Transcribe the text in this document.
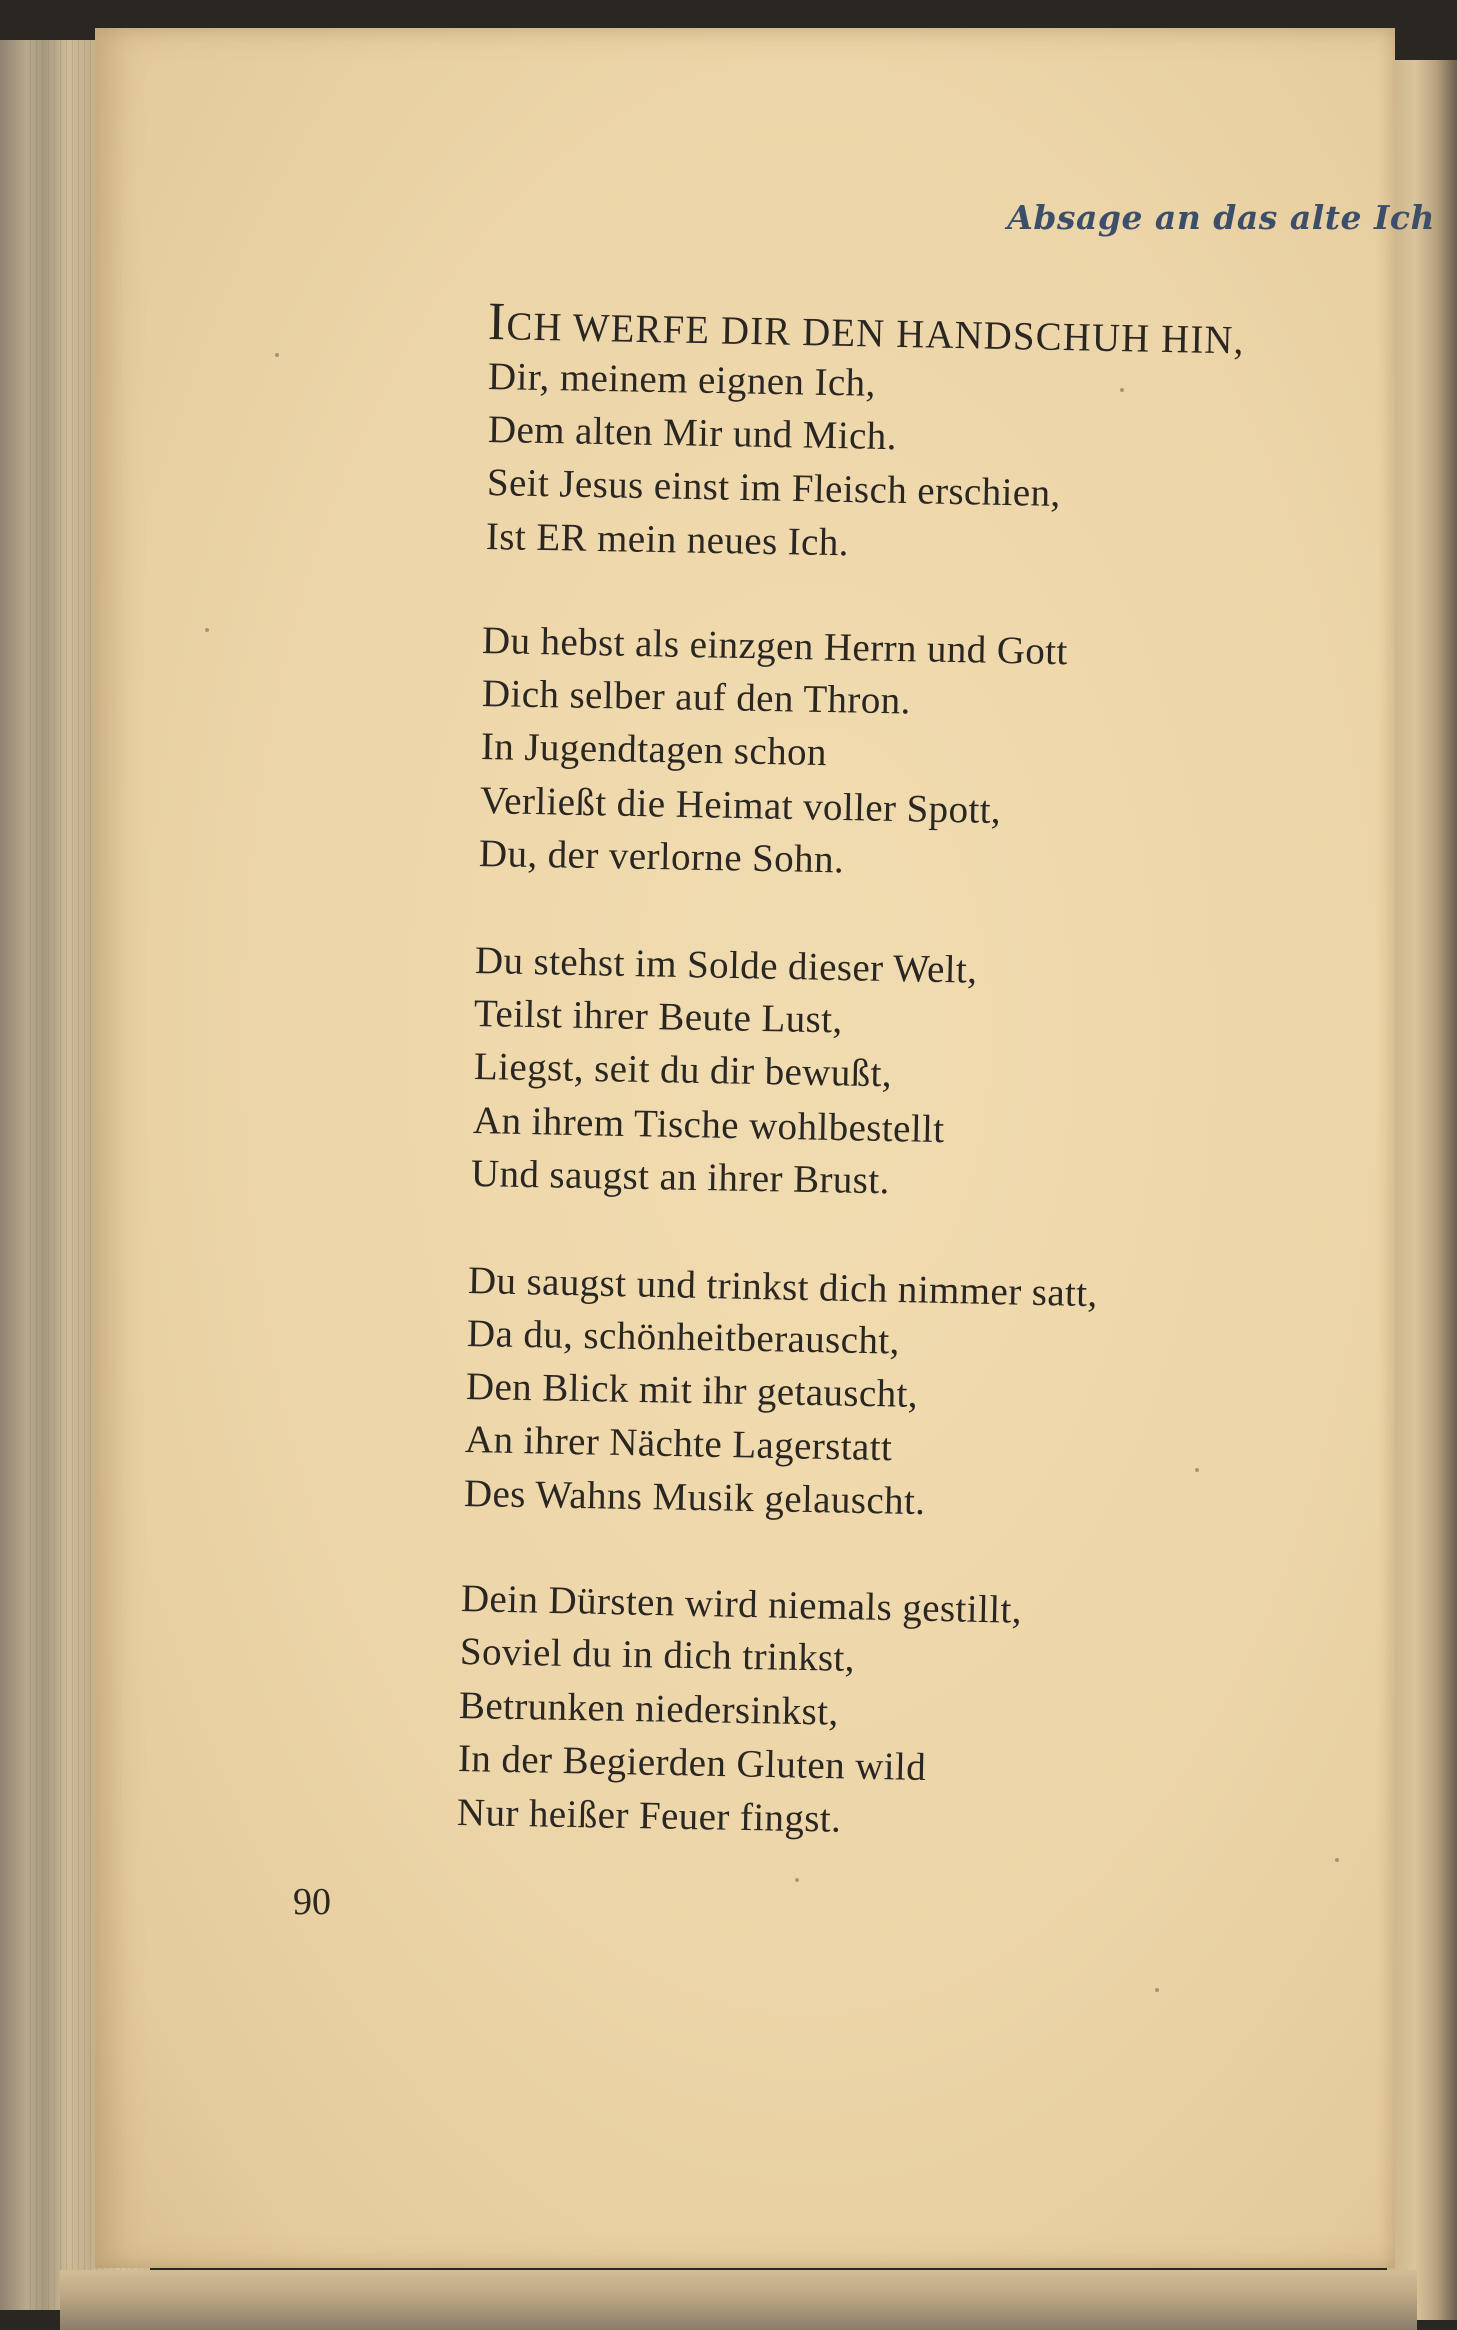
Absage an das alte Ich
ICH WERFE DIR DEN HANDSCHUH HIN,
Dir, meinem eignen Ich,
Dem alten Mir und Mich.
Seit Jesus einst im Fleisch erschien,
Ist ER mein neues Ich.
Du hebst als einzgen Herrn und Gott
Dich selber auf den Thron.
In Jugendtagen schon
Verließt die Heimat voller Spott,
Du, der verlorne Sohn.
Du stehst im Solde dieser Welt,
Teilst ihrer Beute Lust,
Liegst, seit du dir bewußt,
An ihrem Tische wohlbestellt
Und saugst an ihrer Brust.
Du saugst und trinkst dich nimmer satt,
Da du, schönheitberauscht,
Den Blick mit ihr getauscht,
An ihrer Nächte Lagerstatt
Des Wahns Musik gelauscht.
Dein Dürsten wird niemals gestillt,
Soviel du in dich trinkst,
Betrunken niedersinkst,
In der Begierden Gluten wild
Nur heißer Feuer fingst.
90
